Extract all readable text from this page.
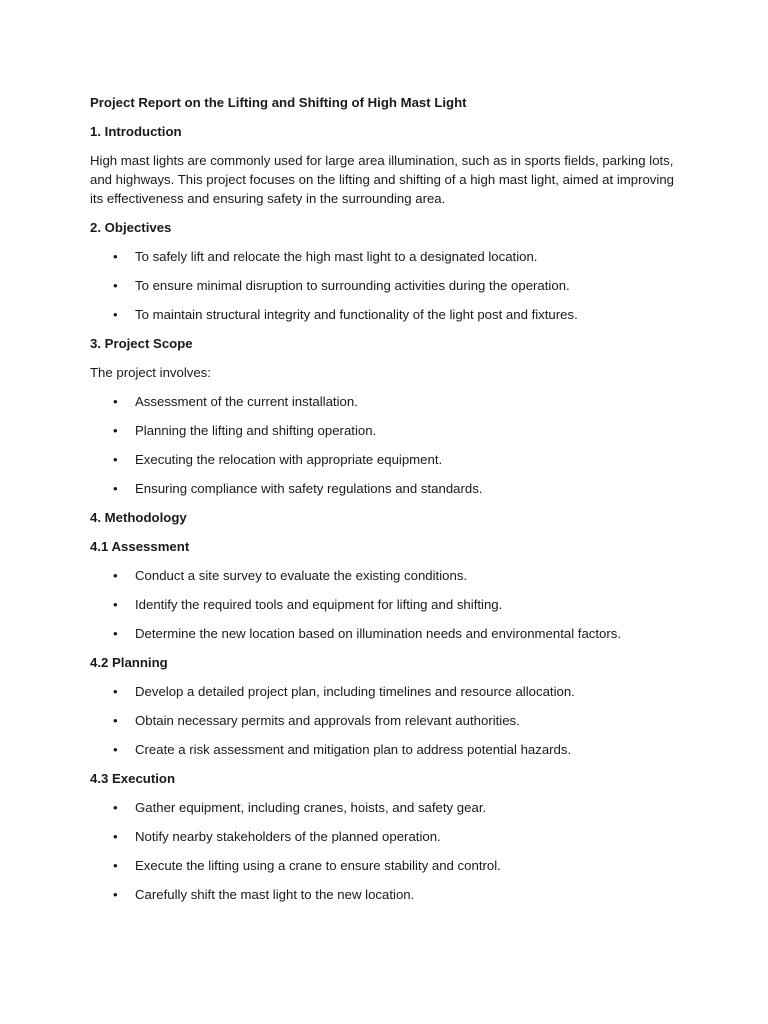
Project Report on the Lifting and Shifting of High Mast Light
1. Introduction
High mast lights are commonly used for large area illumination, such as in sports fields, parking lots, and highways. This project focuses on the lifting and shifting of a high mast light, aimed at improving its effectiveness and ensuring safety in the surrounding area.
2. Objectives
• To safely lift and relocate the high mast light to a designated location.
• To ensure minimal disruption to surrounding activities during the operation.
• To maintain structural integrity and functionality of the light post and fixtures.
3. Project Scope
The project involves:
• Assessment of the current installation.
• Planning the lifting and shifting operation.
• Executing the relocation with appropriate equipment.
• Ensuring compliance with safety regulations and standards.
4. Methodology
4.1 Assessment
• Conduct a site survey to evaluate the existing conditions.
• Identify the required tools and equipment for lifting and shifting.
• Determine the new location based on illumination needs and environmental factors.
4.2 Planning
• Develop a detailed project plan, including timelines and resource allocation.
• Obtain necessary permits and approvals from relevant authorities.
• Create a risk assessment and mitigation plan to address potential hazards.
4.3 Execution
• Gather equipment, including cranes, hoists, and safety gear.
• Notify nearby stakeholders of the planned operation.
• Execute the lifting using a crane to ensure stability and control.
• Carefully shift the mast light to the new location.
